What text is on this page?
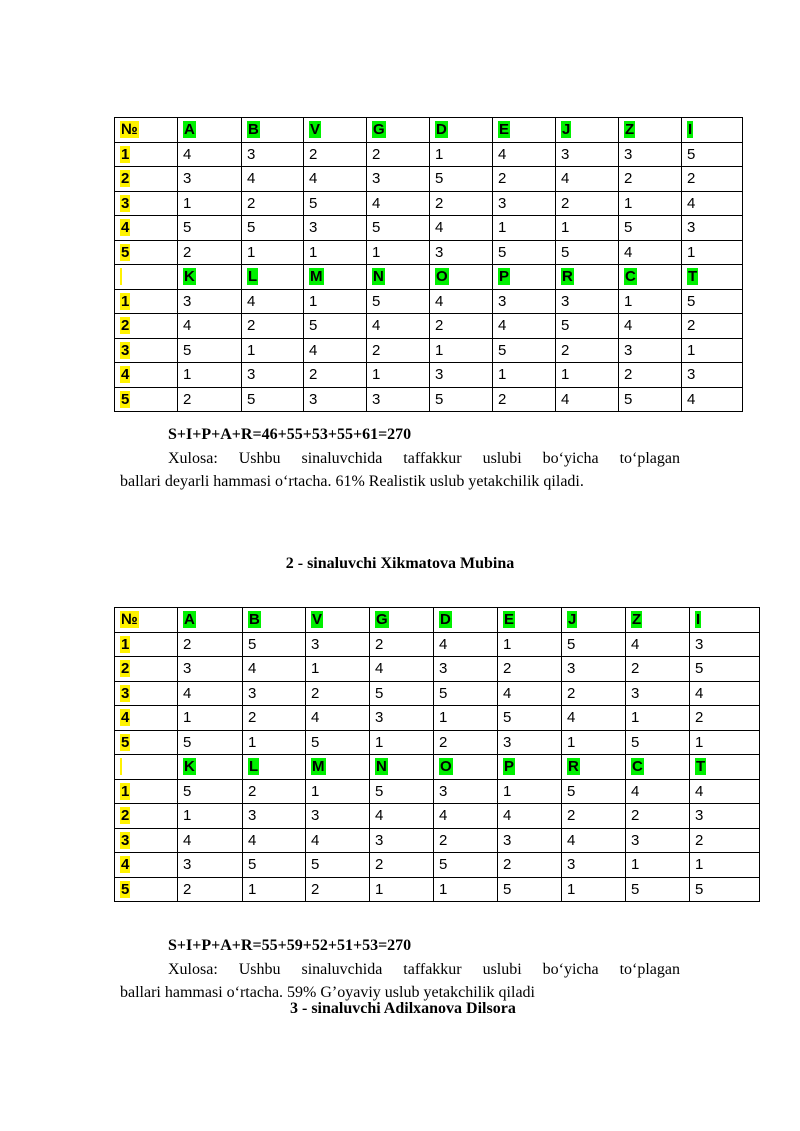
№	A	B	V	G	D	E	J	Z	I
1	4	3	2	2	1	4	3	3	5
2	3	4	4	3	5	2	4	2	2
3	1	2	5	4	2	3	2	1	4
4	5	5	3	5	4	1	1	5	3
5	2	1	1	1	3	5	5	4	1
	K	L	M	N	O	P	R	C	T
1	3	4	1	5	4	3	3	1	5
2	4	2	5	4	2	4	5	4	2
3	5	1	4	2	1	5	2	3	1
4	1	3	2	1	3	1	1	2	3
5	2	5	3	3	5	2	4	5	4
S+I+P+A+R=46+55+53+55+61=270
Xulosa: Ushbu sinaluvchida taffakkur uslubi bo‘yicha to‘plagan
ballari deyarli hammasi o‘rtacha. 61% Realistik uslub yetakchilik qiladi.
2 - sinaluvchi Xikmatova Mubina
№	A	B	V	G	D	E	J	Z	I
1	2	5	3	2	4	1	5	4	3
2	3	4	1	4	3	2	3	2	5
3	4	3	2	5	5	4	2	3	4
4	1	2	4	3	1	5	4	1	2
5	5	1	5	1	2	3	1	5	1
	K	L	M	N	O	P	R	C	T
1	5	2	1	5	3	1	5	4	4
2	1	3	3	4	4	4	2	2	3
3	4	4	4	3	2	3	4	3	2
4	3	5	5	2	5	2	3	1	1
5	2	1	2	1	1	5	1	5	5
S+I+P+A+R=55+59+52+51+53=270
Xulosa: Ushbu sinaluvchida taffakkur uslubi bo‘yicha to‘plagan
ballari hammasi o‘rtacha. 59% G’oyaviy uslub yetakchilik qiladi
3 - sinaluvchi Adilxanova Dilsora
